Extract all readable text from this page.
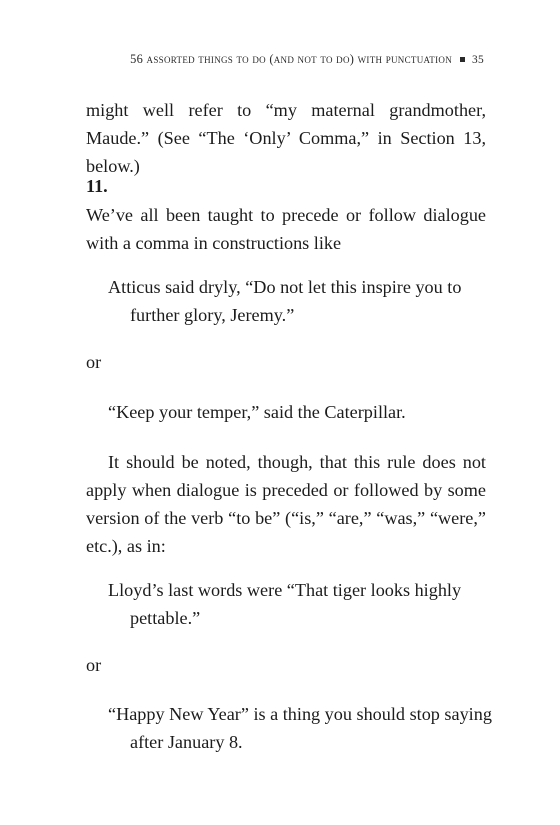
56 assorted things to do (and not to do) with punctuation 35

might well refer to “my maternal grandmother, Maude.” (See “The ‘Only’ Comma,” in Section 13, below.)

11.

We’ve all been taught to precede or follow dialogue with a comma in constructions like

Atticus said dryly, “Do not let this inspire you to further glory, Jeremy.”

or

“Keep your temper,” said the Caterpillar.

It should be noted, though, that this rule does not apply when dialogue is preceded or followed by some version of the verb “to be” (“is,” “are,” “was,” “were,” etc.), as in:

Lloyd’s last words were “That tiger looks highly pettable.”

or

“Happy New Year” is a thing you should stop saying after January 8.
